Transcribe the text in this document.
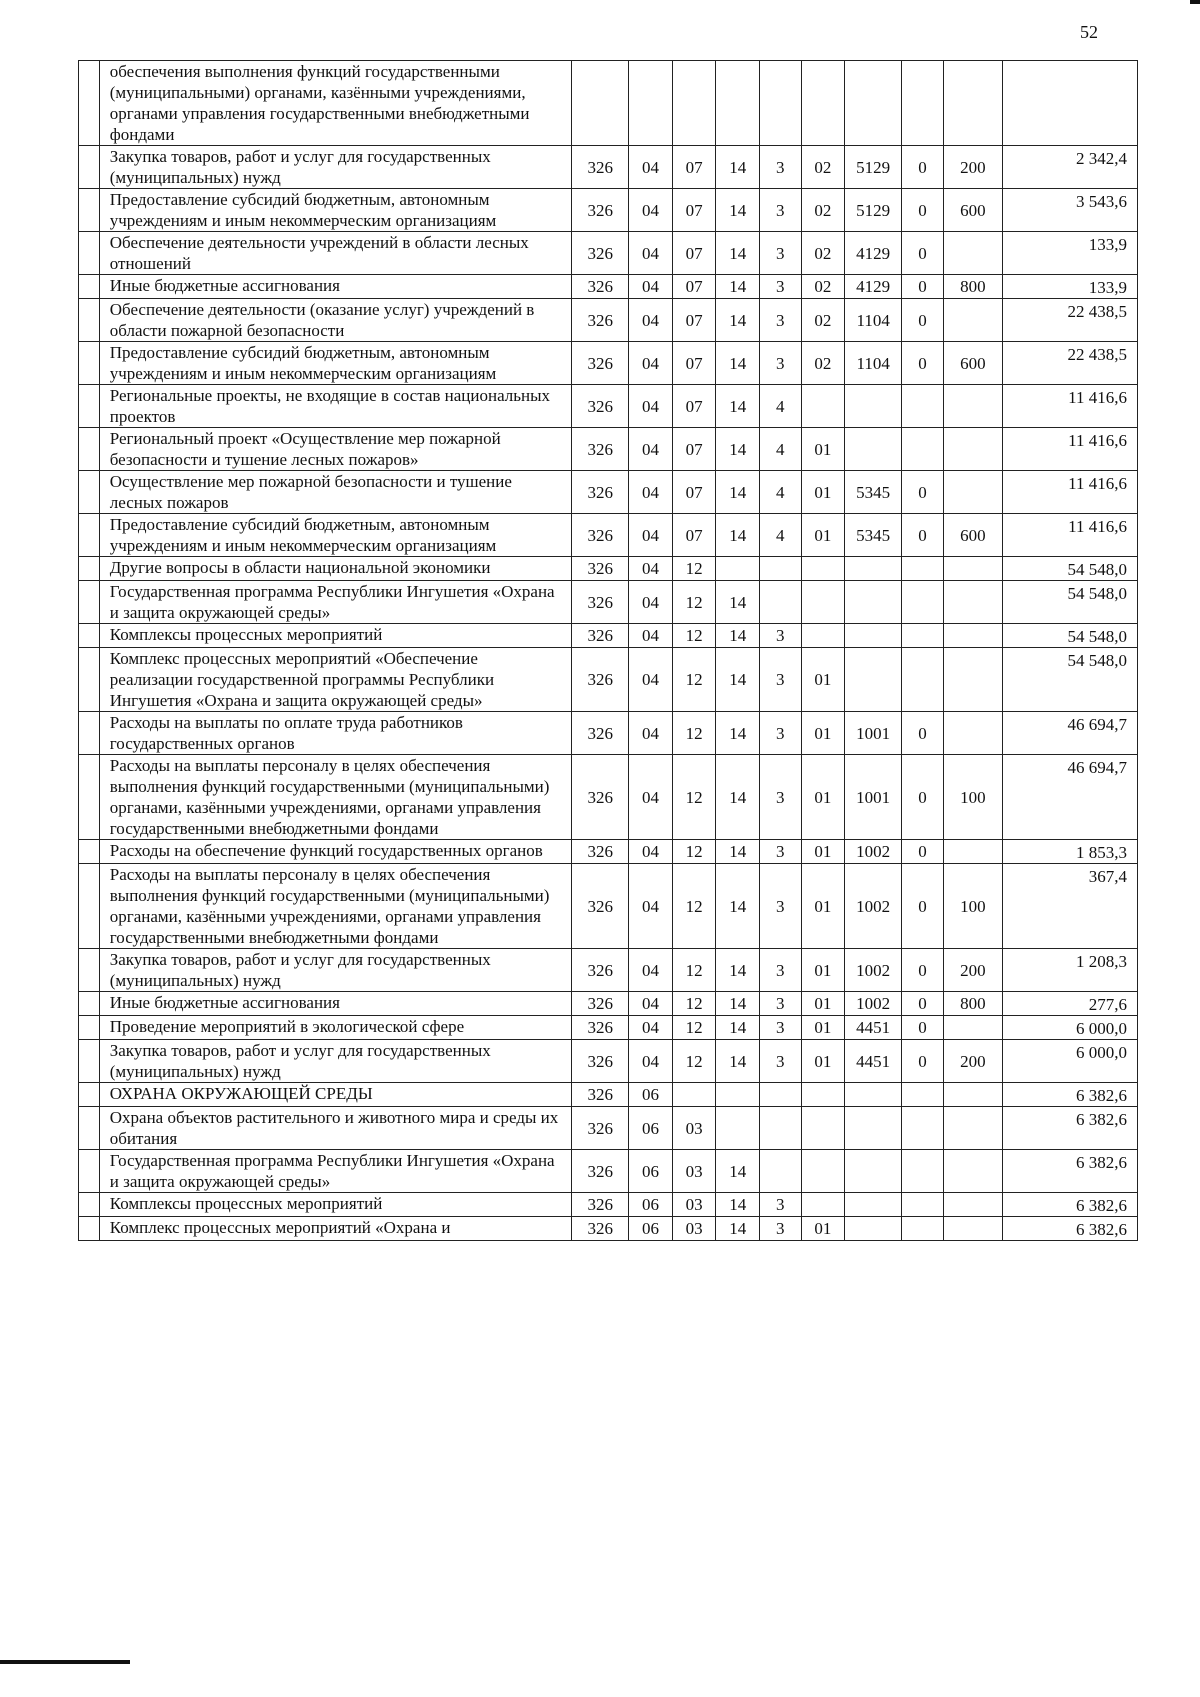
52
	обеспечения выполнения функций государственными (муниципальными) органами, казёнными учреждениями, органами управления государственными внебюджетными фондами										
	Закупка товаров, работ и услуг для государственных (муниципальных) нужд	326	04	07	14	3	02	5129	0	200	2 342,4
	Предоставление субсидий бюджетным, автономным учреждениям и иным некоммерческим организациям	326	04	07	14	3	02	5129	0	600	3 543,6
	Обеспечение деятельности учреждений в области лесных отношений	326	04	07	14	3	02	4129	0		133,9
	Иные бюджетные ассигнования	326	04	07	14	3	02	4129	0	800	133,9
	Обеспечение деятельности (оказание услуг) учреждений в области пожарной безопасности	326	04	07	14	3	02	1104	0		22 438,5
	Предоставление субсидий бюджетным, автономным учреждениям и иным некоммерческим организациям	326	04	07	14	3	02	1104	0	600	22 438,5
	Региональные проекты, не входящие в состав национальных проектов	326	04	07	14	4					11 416,6
	Региональный проект «Осуществление мер пожарной безопасности и тушение лесных пожаров»	326	04	07	14	4	01				11 416,6
	Осуществление мер пожарной безопасности и тушение лесных пожаров	326	04	07	14	4	01	5345	0		11 416,6
	Предоставление субсидий бюджетным, автономным учреждениям и иным некоммерческим организациям	326	04	07	14	4	01	5345	0	600	11 416,6
	Другие вопросы в области национальной экономики	326	04	12							54 548,0
	Государственная программа Республики Ингушетия «Охрана и защита окружающей среды»	326	04	12	14						54 548,0
	Комплексы процессных мероприятий	326	04	12	14	3					54 548,0
	Комплекс процессных мероприятий «Обеспечение реализации государственной программы Республики Ингушетия «Охрана и защита окружающей среды»	326	04	12	14	3	01				54 548,0
	Расходы на выплаты по оплате труда работников государственных органов	326	04	12	14	3	01	1001	0		46 694,7
	Расходы на выплаты персоналу в целях обеспечения выполнения функций государственными (муниципальными) органами, казёнными учреждениями, органами управления государственными внебюджетными фондами	326	04	12	14	3	01	1001	0	100	46 694,7
	Расходы на обеспечение функций государственных органов	326	04	12	14	3	01	1002	0		1 853,3
	Расходы на выплаты персоналу в целях обеспечения выполнения функций государственными (муниципальными) органами, казёнными учреждениями, органами управления государственными внебюджетными фондами	326	04	12	14	3	01	1002	0	100	367,4
	Закупка товаров, работ и услуг для государственных (муниципальных) нужд	326	04	12	14	3	01	1002	0	200	1 208,3
	Иные бюджетные ассигнования	326	04	12	14	3	01	1002	0	800	277,6
	Проведение мероприятий в экологической сфере	326	04	12	14	3	01	4451	0		6 000,0
	Закупка товаров, работ и услуг для государственных (муниципальных) нужд	326	04	12	14	3	01	4451	0	200	6 000,0
	ОХРАНА ОКРУЖАЮЩЕЙ СРЕДЫ	326	06								6 382,6
	Охрана объектов растительного и животного мира и среды их обитания	326	06	03							6 382,6
	Государственная программа Республики Ингушетия «Охрана и защита окружающей среды»	326	06	03	14						6 382,6
	Комплексы процессных мероприятий	326	06	03	14	3					6 382,6
	Комплекс процессных мероприятий «Охрана и	326	06	03	14	3	01				6 382,6
